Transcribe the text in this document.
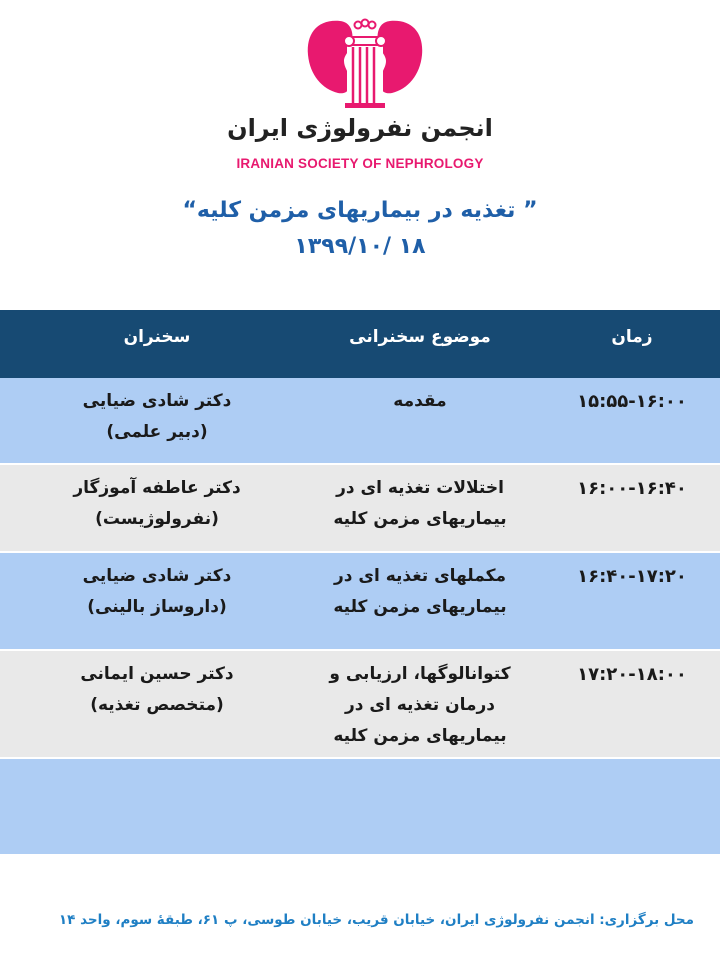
انجمن نفرولوژی ایران
IRANIAN SOCIETY OF NEPHROLOGY
” تغذیه در بیماریهای مزمن کلیه“
۱۸ /۱۳۹۹/۱۰
زمان
موضوع سخنرانی
سخنران
۱۵:۵۵-۱۶:۰۰
مقدمه
دکتر شادی ضیایی
(دبیر علمی)
۱۶:۰۰-۱۶:۴۰
اختلالات تغذیه ای در
بیماریهای مزمن کلیه
دکتر عاطفه آموزگار
(نفرولوژیست)
۱۶:۴۰-۱۷:۲۰
مکملهای تغذیه ای در
بیماریهای مزمن کلیه
دکتر شادی ضیایی
(داروساز بالینی)
۱۷:۲۰-۱۸:۰۰
کتوانالوگها، ارزیابی و
درمان تغذیه ای در
بیماریهای مزمن کلیه
دکتر حسین ایمانی
(متخصص تغذیه)
محل برگزاری: انجمن نفرولوژی ایران، خیابان قریب، خیابان طوسی، پ ۶۱، طبقهٔ سوم، واحد ۱۴
